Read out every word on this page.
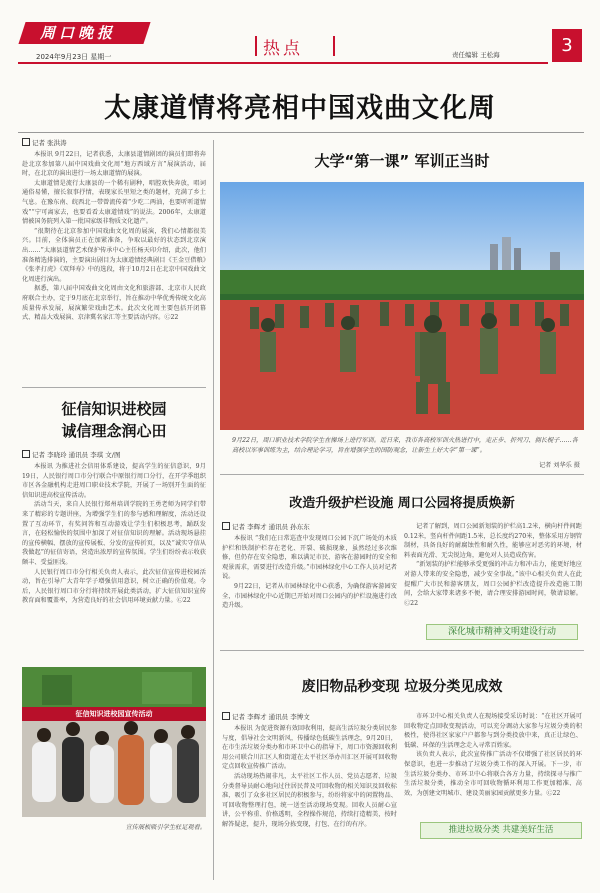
周口晚报
2024年9月23日 星期一	热点	责任编辑 王松海	3
太康道情将亮相中国戏曲文化周
记者 张洪涛

本报讯 9月22日，记者获悉，太康县道情剧团的演员们即将奔赴北京参加第八届中国戏曲文化周“地方西域方言”展演活动，届时，在北京的演出进行一场太康道情的展演。

太康道情是流行太康县的一个稀有剧种，唱腔欢快奔放，唱词通俗易懂，擅长叙事抒情，表现家长里短之类的题材，充满了乡土气息。在豫东南、皖西北一带曾流传着“少吃二两油，也要听听道情戏”“宁可离家去，也要看看太康道情戏”的说法。2006年，太康道情被国务院列入第一批国家级非物质文化遗产。

“很期待在北京参加中国戏曲文化周的展演，我们心情都很美兴。目前，全体演员正在加紧准备，争取以最好的状态到北京演出……”太康县道情艺术保护传承中心主任杨天印介绍，此次，他们准备精选排演的，主要演出剧目为太康道情经典剧目《王金豆借粮》《张孝打虎》《双拜寿》中的选段，将于10月2日在北京中国戏曲文化周进行演出。

据悉，第八届中国戏曲文化周由文化和旅游部、北京市人民政府联合主办，定于9月底在北京举行，旨在推动中华优秀传统文化高质量传承发展，展演繁荣戏曲艺术。此次文化周主要包括开闭幕式、精品大戏展演、京津冀名家汇等主要活动内容。Ⓒ22

征信知识进校园
诚信理念润心田
记者 李晓玲 通讯员 李琪 文/图

本报讯 为推进社会信用体系建设，提高学生的征信意识，9月19日，人民银行周口市分行联合中原银行周口分行，在开学季组织市区各金融机构走进周口职业技术学院，开展了一场别开生面的征信知识进高校宣传活动。

活动当天，来自人民银行郑州培训学院的王勇老师为同学们带来了精彩的专题讲座，为增强学生们的参与感和理解度，活动还设置了互动环节，有奖问答和互动游戏让学生们积极思考，踊跃发言，在轻松愉快的氛围中加深了对征信知识的理解。活动现场悬挂的宣传横幅、摆放的宣传展板、分发的宣传折页，以及“诚实守信从我做起”的征信寄语，营造出浓厚的宣传氛围。学生们纷纷表示收获颇丰、受益匪浅。

人民银行周口市分行相关负责人表示，此次征信宣传进校园活动，旨在引导广大青年学子增强信用意识，树立正确的价值观。今后，人民银行周口市分行将持续开展此类活动，扩大征信知识宣传教育面和覆盖率，为营造良好的社会信用环境贡献力量。Ⓒ22

征信知识进校园宣传活动
宣传展板吸引学生驻足观看。
大学“第一课” 军训正当时
9月22日，周口职业技术学院学生在操场上进行军训。近日来，我市各高校军训火热进行中，走正步、折列刀、拥长棍子……各高校以军事训练为主，结合理论学习，旨在增强学生的国防观念，让新生上好大学“第一课”。
记者 刘华乐 摄
改造升级护栏设施 周口公园将提质焕新
记者 李辉才 通讯员 孙东东

本报讯 “我们在日常巡查中发现周口公园下沉广场处的木质护栏和铁制护栏存在老化、开裂、破损现象，虽然经过多次维修，但仍存在安全隐患，难以满足市民、游客在游园时的安全和观景需求，需要进行改造升级。”市园林绿化中心工作人员对记者说。

9月22日，记者从市园林绿化中心获悉，为确保游客游园安全，市园林绿化中心近期已开始对周口公园内的护栏设施进行改造升级。

记者了解到，周口公园新划装的护栏高1.2米，横向杆件间距0.12米，竖向杆件间距1.5米，总长度约270米，整体采用方钢管制材，具备良好的耐腐蚀性和耐久性，能够应对恶劣的环境，材料表面光滑、无尖锐边角，避免对人员造成伤害。

“新划装的护栏能够承受更强的冲击力和冲击力，能更好地应对游人带来的安全隐患，减少安全事故。”该中心相关负责人在此提醒广大市民和游客朋友，周口公园护栏改造提升改造施工期间，会给大家带来诸多不便，请合理安排游园时间，敬请谅解。Ⓒ22

深化城市精神文明建设行动
废旧物品秒变现 垃圾分类见成效
记者 李辉才 通讯员 李博文

本报讯 为促进资源有效回收利用，提高生活垃圾分类居民参与度，倡导社会文明新风，传播绿色低碳生活理念，9月20日，在市生活垃圾分类办和市环卫中心的指导下，周口市资源回收利用公司联合川汇区人和街道在太平社区举办川汇区开展可回收物定点回收宣传推广活动。

活动现场热闹非凡，太平社区工作人员、党员志愿者、垃圾分类督导员耐心地向过往居民普及可回收物的相关知识及回收标准，吸引了众多社区居民的积极参与，纷纷将家中的闲置物品、可回收物整理打包，统一送至活动现场变现。回收人员耐心宣讲，公平称重、价格透明，全程操作规范，持续打造精美，按时解答疑虑，提升，现场分拣变现，打包、在行的有序。

市环卫中心相关负责人在现场接受采访时说：“在社区开展可回收物定点回收变现活动，可以充分调动大家参与垃圾分类的积极性，使得社区家家户户都参与到分类投放中来，真正让绿色、低碳、环保的生活理念走入寻常百姓家。

该负责人表示，此次宣传推广活动不仅增强了社区居民的环保意识，也进一步推动了垃圾分类工作的深入开展。下一步，市生活垃圾分类办、市环卫中心将联合各方力量，持续探寻与推广生活垃圾分类，推动全市可回收物循环利用工作更加精准、高效，为创建文明城市、建设美丽家园贡献更多力量。Ⓒ22

推进垃圾分类 共建美好生活
